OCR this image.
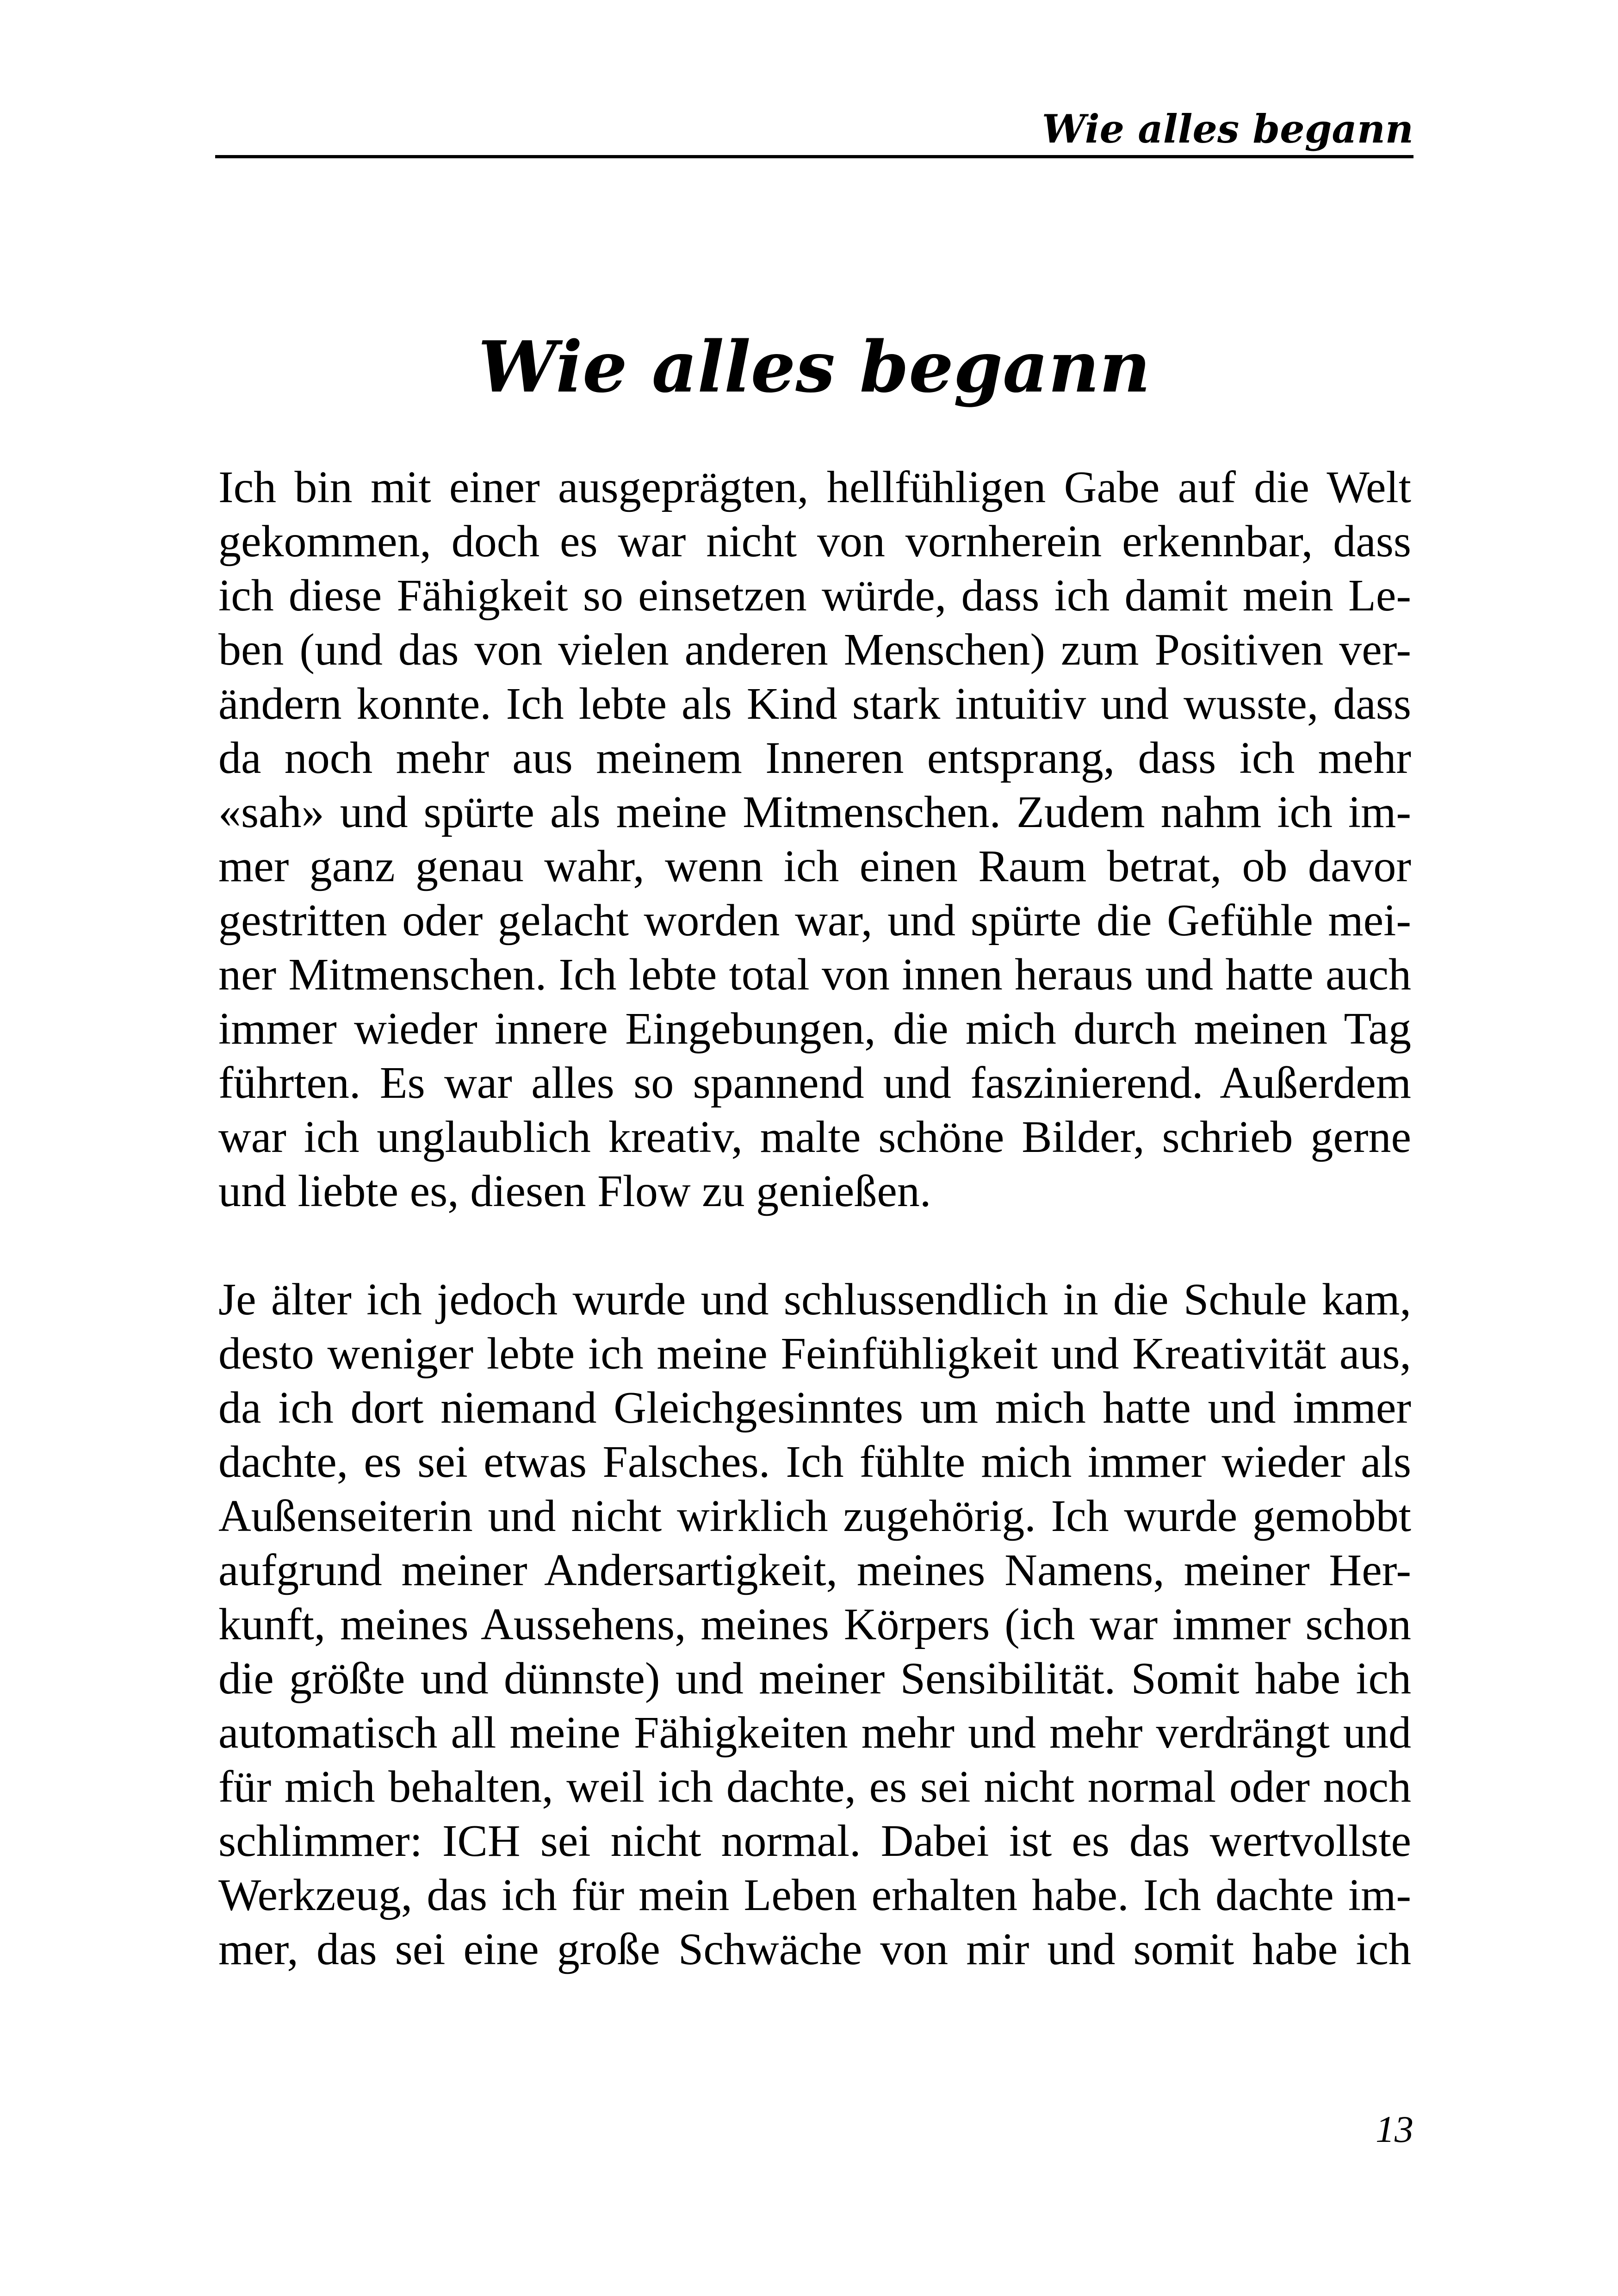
Wie alles begann
Wie alles begann

Ich bin mit einer ausgeprägten, hellfühligen Gabe auf die Welt
gekommen, doch es war nicht von vornherein erkennbar, dass
ich diese Fähigkeit so einsetzen würde, dass ich damit mein Le-
ben (und das von vielen anderen Menschen) zum Positiven ver-
ändern konnte. Ich lebte als Kind stark intuitiv und wusste, dass
da noch mehr aus meinem Inneren entsprang, dass ich mehr
«sah» und spürte als meine Mitmenschen. Zudem nahm ich im-
mer ganz genau wahr, wenn ich einen Raum betrat, ob davor
gestritten oder gelacht worden war, und spürte die Gefühle mei-
ner Mitmenschen. Ich lebte total von innen heraus und hatte auch
immer wieder innere Eingebungen, die mich durch meinen Tag
führten. Es war alles so spannend und faszinierend. Außerdem
war ich unglaublich kreativ, malte schöne Bilder, schrieb gerne
und liebte es, diesen Flow zu genießen.

Je älter ich jedoch wurde und schlussendlich in die Schule kam,
desto weniger lebte ich meine Feinfühligkeit und Kreativität aus,
da ich dort niemand Gleichgesinntes um mich hatte und immer
dachte, es sei etwas Falsches. Ich fühlte mich immer wieder als
Außenseiterin und nicht wirklich zugehörig. Ich wurde gemobbt
aufgrund meiner Andersartigkeit, meines Namens, meiner Her-
kunft, meines Aussehens, meines Körpers (ich war immer schon
die größte und dünnste) und meiner Sensibilität. Somit habe ich
automatisch all meine Fähigkeiten mehr und mehr verdrängt und
für mich behalten, weil ich dachte, es sei nicht normal oder noch
schlimmer: ICH sei nicht normal. Dabei ist es das wertvollste
Werkzeug, das ich für mein Leben erhalten habe. Ich dachte im-
mer, das sei eine große Schwäche von mir und somit habe ich

13
